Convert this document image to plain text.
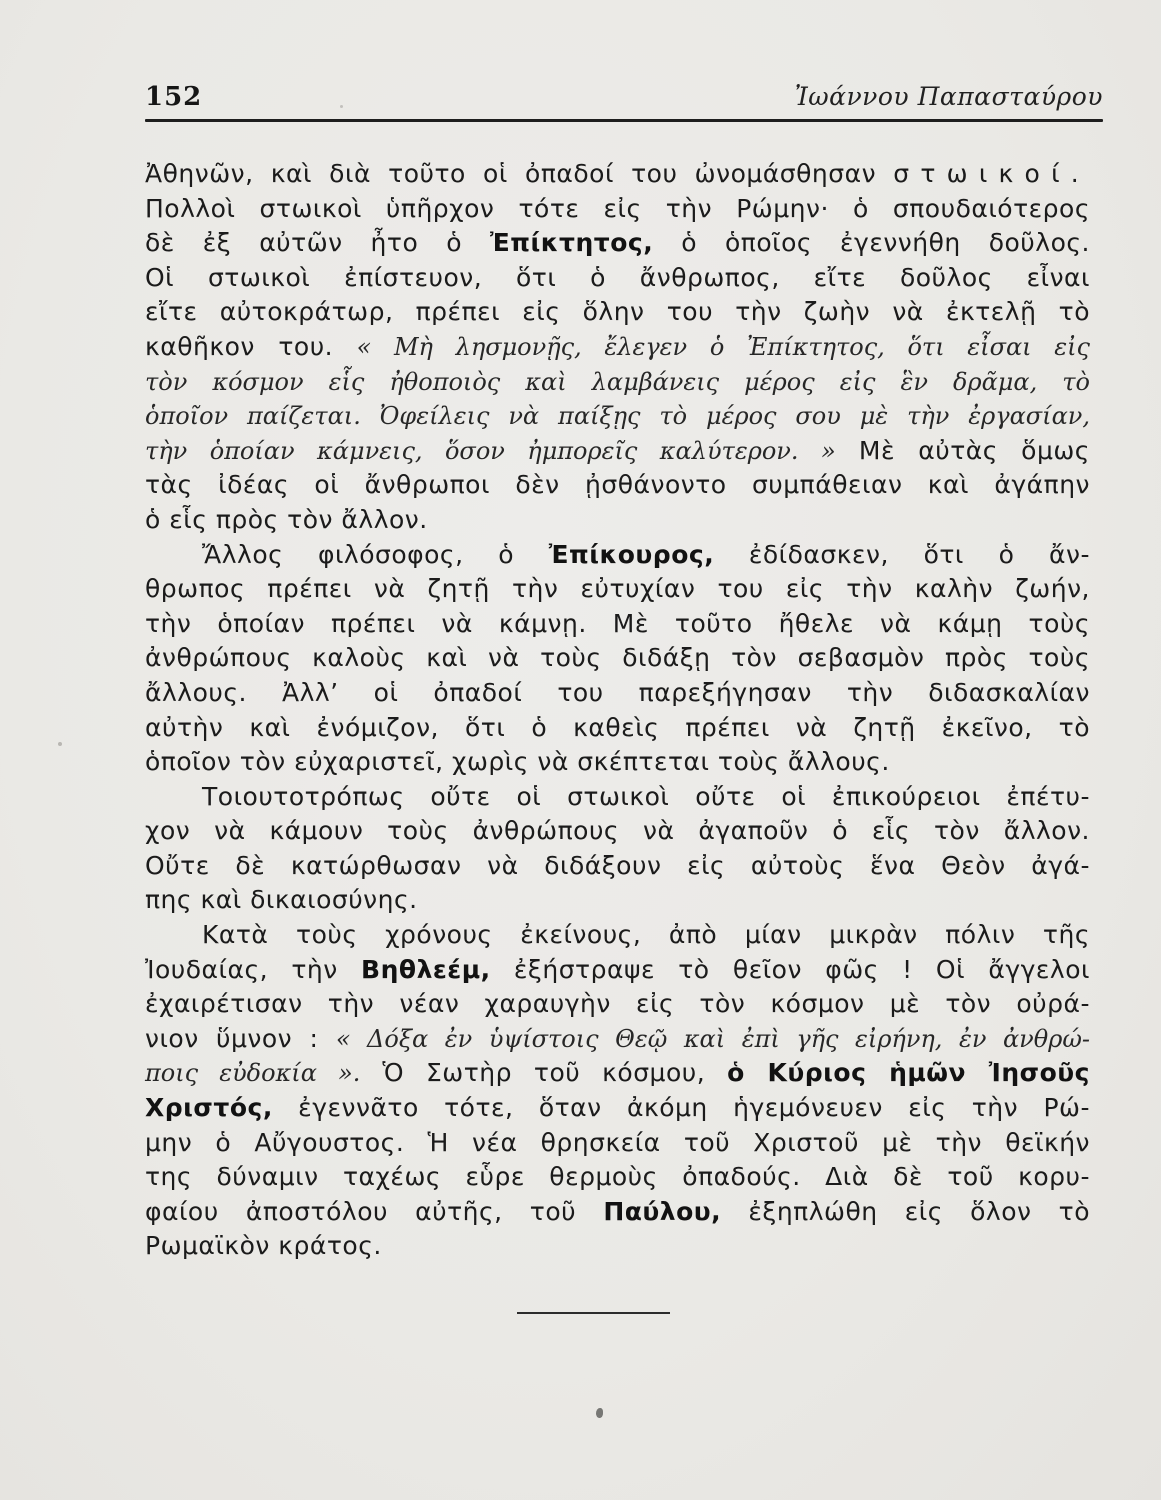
152	Ἰωάννου Παπασταύρου
Ἀθηνῶν, καὶ διὰ τοῦτο οἱ ὀπαδοί του ὠνομάσθησαν στωικοί.
Πολλοὶ στωικοὶ ὑπῆρχον τότε εἰς τὴν Ρώμην· ὁ σπουδαιότερος
δὲ ἐξ αὐτῶν ἦτο ὁ Ἐπίκτητος, ὁ ὁποῖος ἐγεννήθη δοῦλος.
Οἱ στωικοὶ ἐπίστευον, ὅτι ὁ ἄνθρωπος, εἴτε δοῦλος εἶναι
εἴτε αὐτοκράτωρ, πρέπει εἰς ὅλην του τὴν ζωὴν νὰ ἐκτελῇ τὸ
καθῆκον του. « Μὴ λησμονῇς, ἔλεγεν ὁ Ἐπίκτητος, ὅτι εἶσαι εἰς
τὸν κόσμον εἷς ἠθοποιὸς καὶ λαμβάνεις μέρος εἰς ἓν δρᾶμα, τὸ
ὁποῖον παίζεται. Ὀφείλεις νὰ παίξῃς τὸ μέρος σου μὲ τὴν ἐργασίαν,
τὴν ὁποίαν κάμνεις, ὅσον ἠμπορεῖς καλύτερον. » Μὲ αὐτὰς ὅμως
τὰς ἰδέας οἱ ἄνθρωποι δὲν ᾐσθάνοντο συμπάθειαν καὶ ἀγάπην
ὁ εἷς πρὸς τὸν ἄλλον.
Ἄλλος φιλόσοφος, ὁ Ἐπίκουρος, ἐδίδασκεν, ὅτι ὁ ἄν-
θρωπος πρέπει νὰ ζητῇ τὴν εὐτυχίαν του εἰς τὴν καλὴν ζωήν,
τὴν ὁποίαν πρέπει νὰ κάμνῃ. Μὲ τοῦτο ἤθελε νὰ κάμῃ τοὺς
ἀνθρώπους καλοὺς καὶ νὰ τοὺς διδάξῃ τὸν σεβασμὸν πρὸς τοὺς
ἄλλους. Ἀλλ’ οἱ ὀπαδοί του παρεξήγησαν τὴν διδασκαλίαν
αὐτὴν καὶ ἐνόμιζον, ὅτι ὁ καθεὶς πρέπει νὰ ζητῇ ἐκεῖνο, τὸ
ὁποῖον τὸν εὐχαριστεῖ, χωρὶς νὰ σκέπτεται τοὺς ἄλλους.
Τοιουτοτρόπως οὔτε οἱ στωικοὶ οὔτε οἱ ἐπικούρειοι ἐπέτυ-
χον νὰ κάμουν τοὺς ἀνθρώπους νὰ ἀγαποῦν ὁ εἷς τὸν ἄλλον.
Οὔτε δὲ κατώρθωσαν νὰ διδάξουν εἰς αὐτοὺς ἕνα Θεὸν ἀγά-
πης καὶ δικαιοσύνης.
Κατὰ τοὺς χρόνους ἐκείνους, ἀπὸ μίαν μικρὰν πόλιν τῆς
Ἰουδαίας, τὴν Βηθλεέμ, ἐξήστραψε τὸ θεῖον φῶς ! Οἱ ἄγγελοι
ἐχαιρέτισαν τὴν νέαν χαραυγὴν εἰς τὸν κόσμον μὲ τὸν οὐρά-
νιον ὕμνον : « Δόξα ἐν ὑψίστοις Θεῷ καὶ ἐπὶ γῆς εἰρήνη, ἐν ἀνθρώ-
ποις εὐδοκία ». Ὁ Σωτὴρ τοῦ κόσμου, ὁ Κύριος ἡμῶν Ἰησοῦς
Χριστός, ἐγεννᾶτο τότε, ὅταν ἀκόμη ἡγεμόνευεν εἰς τὴν Ρώ-
μην ὁ Αὔγουστος. Ἡ νέα θρησκεία τοῦ Χριστοῦ μὲ τὴν θεϊκήν
της δύναμιν ταχέως εὗρε θερμοὺς ὀπαδούς. Διὰ δὲ τοῦ κορυ-
φαίου ἀποστόλου αὐτῆς, τοῦ Παύλου, ἐξηπλώθη εἰς ὅλον τὸ
Ρωμαϊκὸν κράτος.
